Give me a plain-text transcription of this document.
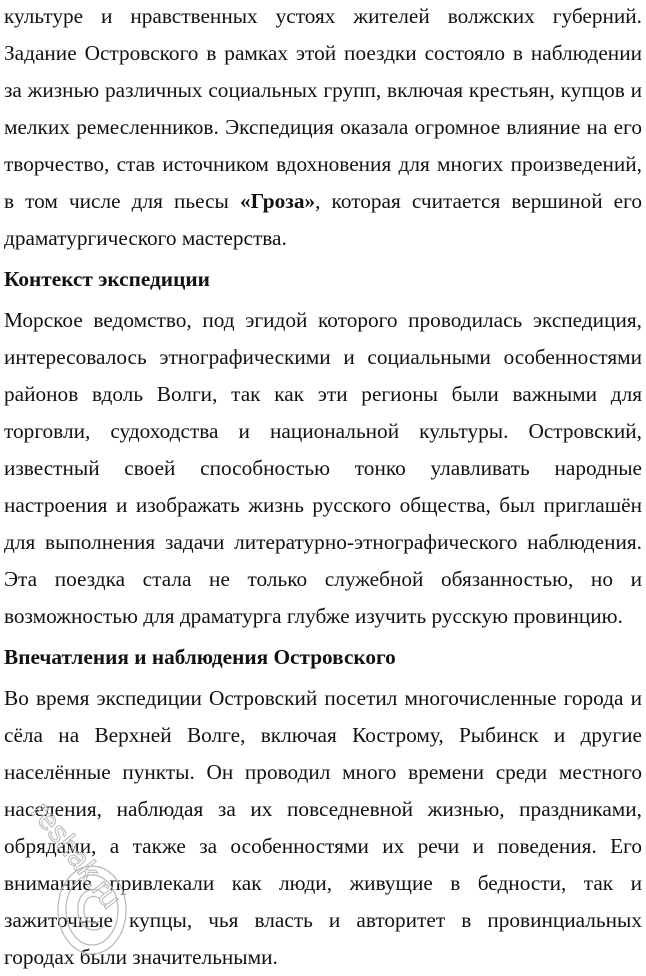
культуре и нравственных устоях жителей волжских губерний. Задание Островского в рамках этой поездки состояло в наблюдении за жизнью различных социальных групп, включая крестьян, купцов и мелких ремесленников. Экспедиция оказала огромное влияние на его творчество, став источником вдохновения для многих произведений, в том числе для пьесы «Гроза», которая считается вершиной его драматургического мастерства.

Контекст экспедиции

Морское ведомство, под эгидой которого проводилась экспедиция, интересовалось этнографическими и социальными особенностями районов вдоль Волги, так как эти регионы были важными для торговли, судоходства и национальной культуры. Островский, известный своей способностью тонко улавливать народные настроения и изображать жизнь русского общества, был приглашён для выполнения задачи литературно-этнографического наблюдения. Эта поездка стала не только служебной обязанностью, но и возможностью для драматурга глубже изучить русскую провинцию.

Впечатления и наблюдения Островского

Во время экспедиции Островский посетил многочисленные города и сёла на Верхней Волге, включая Кострому, Рыбинск и другие населённые пункты. Он проводил много времени среди местного населения, наблюдая за их повседневной жизнью, праздниками, обрядами, а также за особенностями их речи и поведения. Его внимание привлекали как люди, живущие в бедности, так и зажиточные купцы, чья власть и авторитет в провинциальных городах были значительными.

reshak.ru
